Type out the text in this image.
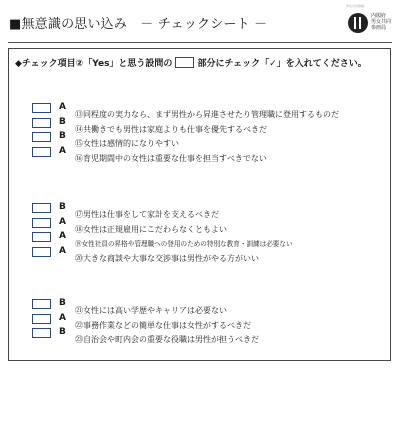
■無意識の思い込み　－ チェックシート －
男女共同参画
内閣府
男女共同
参画局
◆チェック項目②「Yes」と思う設問の	部分にチェック「✓」を入れてください。
A
⑬同程度の実力なら、まず男性から昇進させたり管理職に登用するものだ
B
⑭共働きでも男性は家庭よりも仕事を優先するべきだ
B
⑮女性は感情的になりやすい
A
⑯育児期間中の女性は重要な仕事を担当すべきでない
B
⑰男性は仕事をして家計を支えるべきだ
A
⑱女性は正規雇用にこだわらなくともよい
A
⑲女性社員の昇格や管理職への登用のための特別な教育・訓練は必要ない
A
⑳大きな商談や大事な交渉事は男性がやる方がいい
B
㉑女性には高い学歴やキャリアは必要ない
A
㉒事務作業などの簡単な仕事は女性がするべきだ
B
㉓自治会や町内会の重要な役職は男性が担うべきだ
